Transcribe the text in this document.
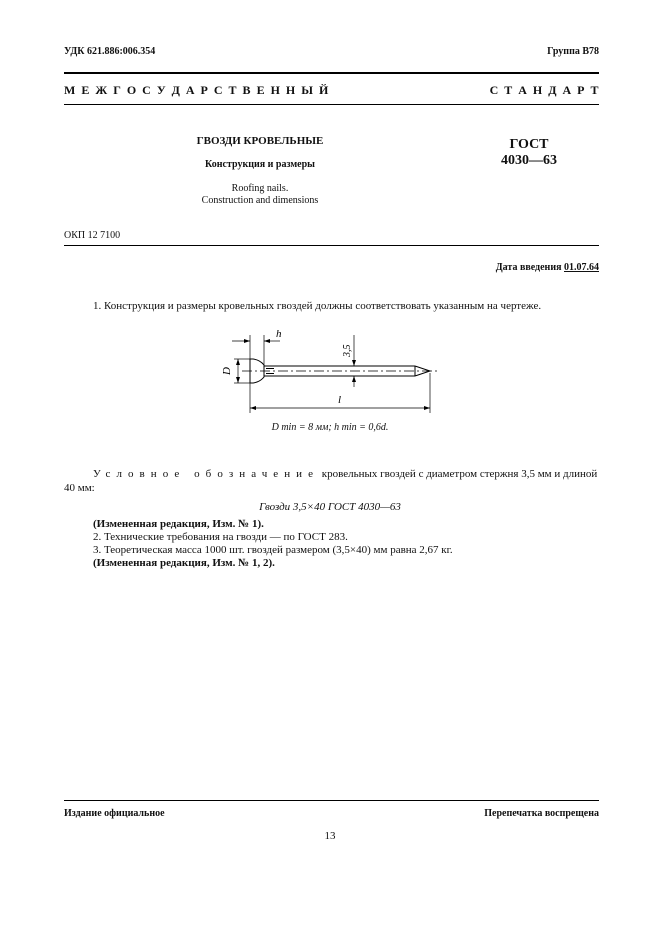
УДК 621.886:006.354	Группа В78
М Е Ж Г О С У Д А Р С Т В Е Н Н Ы Й	С Т А Н Д А Р Т
ГВОЗДИ КРОВЕЛЬНЫЕ
Конструкция и размеры
Roofing nails.
Construction and dimensions
ГОСТ
4030—63
ОКП 12 7100
Дата введения 01.07.64
1. Конструкция и размеры кровельных гвоздей должны соответствовать указанным на чертеже.
h
D
3,5
l
D min = 8 мм; h min = 0,6d.
Условное обозначение кровельных гвоздей с диаметром стержня 3,5 мм и длиной
40 мм:
Гвозди 3,5×40 ГОСТ 4030—63
(Измененная редакция, Изм. № 1).
2. Технические требования на гвозди — по ГОСТ 283.
3. Теоретическая масса 1000 шт. гвоздей размером (3,5×40) мм равна 2,67 кг.
(Измененная редакция, Изм. № 1, 2).
Издание официальное	Перепечатка воспрещена
13
